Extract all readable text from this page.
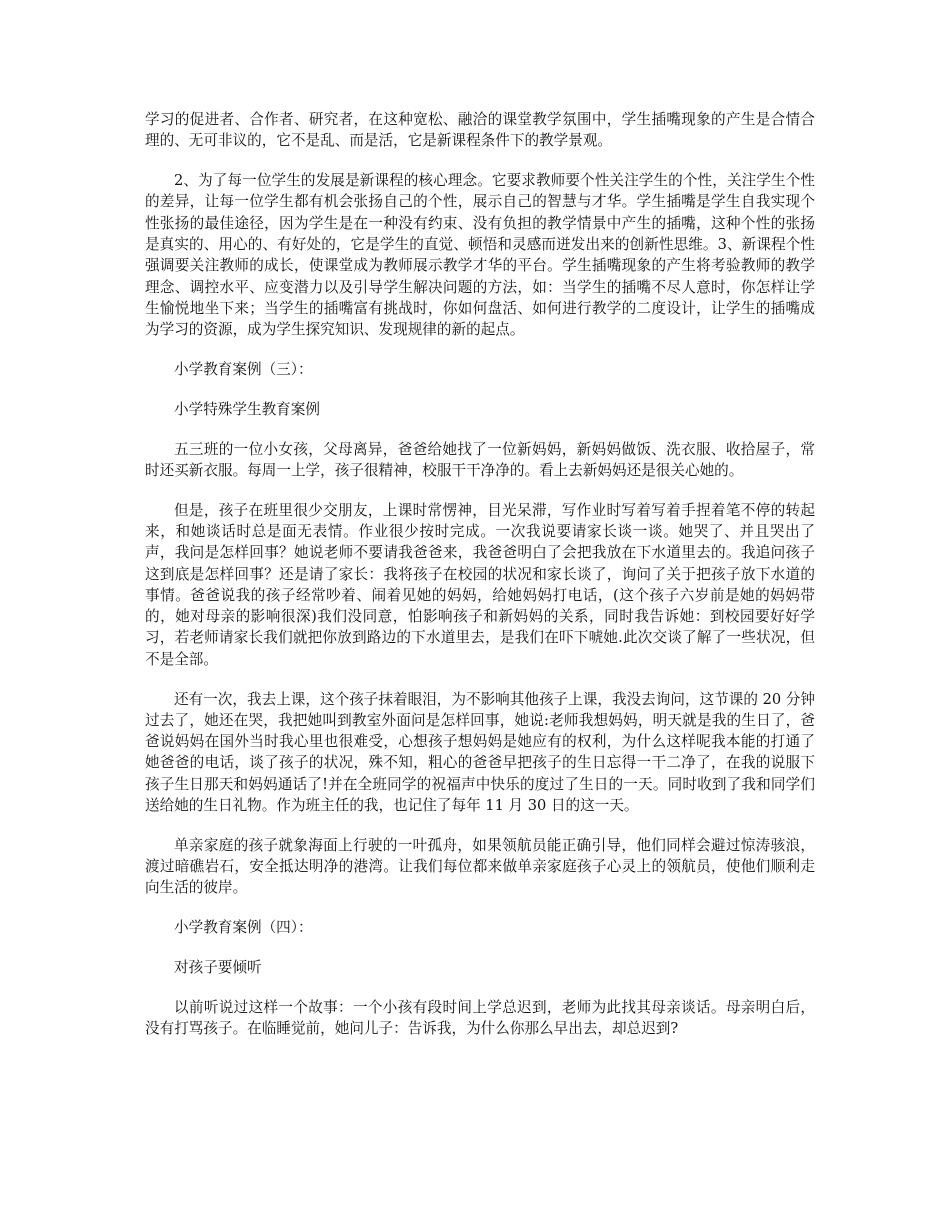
学习的促进者、合作者、研究者，在这种宽松、融洽的课堂教学氛围中，学生插嘴现象的产生是合情合理的、无可非议的，它不是乱、而是活，它是新课程条件下的教学景观。

2、为了每一位学生的发展是新课程的核心理念。它要求教师要个性关注学生的个性，关注学生个性的差异，让每一位学生都有机会张扬自己的个性，展示自己的智慧与才华。学生插嘴是学生自我实现个性张扬的最佳途径，因为学生是在一种没有约束、没有负担的教学情景中产生的插嘴，这种个性的张扬是真实的、用心的、有好处的，它是学生的直觉、顿悟和灵感而迸发出来的创新性思维。3、新课程个性强调要关注教师的成长，使课堂成为教师展示教学才华的平台。学生插嘴现象的产生将考验教师的教学理念、调控水平、应变潜力以及引导学生解决问题的方法，如：当学生的插嘴不尽人意时，你怎样让学生愉悦地坐下来；当学生的插嘴富有挑战时，你如何盘活、如何进行教学的二度设计，让学生的插嘴成为学习的资源，成为学生探究知识、发现规律的新的起点。

小学教育案例（三）：

小学特殊学生教育案例

五三班的一位小女孩，父母离异，爸爸给她找了一位新妈妈，新妈妈做饭、洗衣服、收拾屋子，常时还买新衣服。每周一上学，孩子很精神，校服干干净净的。看上去新妈妈还是很关心她的。

但是，孩子在班里很少交朋友，上课时常愣神，目光呆滞，写作业时写着写着手捏着笔不停的转起来，和她谈话时总是面无表情。作业很少按时完成。一次我说要请家长谈一谈。她哭了、并且哭出了声，我问是怎样回事？她说老师不要请我爸爸来，我爸爸明白了会把我放在下水道里去的。我追问孩子这到底是怎样回事？还是请了家长：我将孩子在校园的状况和家长谈了，询问了关于把孩子放下水道的事情。爸爸说我的孩子经常吵着、闹着见她的妈妈，给她妈妈打电话，(这个孩子六岁前是她的妈妈带的，她对母亲的影响很深)我们没同意，怕影响孩子和新妈妈的关系，同时我告诉她：到校园要好好学习，若老师请家长我们就把你放到路边的下水道里去，是我们在吓下唬她.此次交谈了解了一些状况，但不是全部。

还有一次，我去上课，这个孩子抹着眼泪，为不影响其他孩子上课，我没去询问，这节课的 20 分钟过去了，她还在哭，我把她叫到教室外面问是怎样回事，她说:老师我想妈妈，明天就是我的生日了，爸爸说妈妈在国外当时我心里也很难受，心想孩子想妈妈是她应有的权利，为什么这样呢我本能的打通了她爸爸的电话，谈了孩子的状况，殊不知，粗心的爸爸早把孩子的生日忘得一干二净了，在我的说服下孩子生日那天和妈妈通话了!并在全班同学的祝福声中快乐的度过了生日的一天。同时收到了我和同学们送给她的生日礼物。作为班主任的我，也记住了每年 11 月 30 日的这一天。

单亲家庭的孩子就象海面上行驶的一叶孤舟，如果领航员能正确引导，他们同样会避过惊涛骇浪，渡过暗礁岩石，安全抵达明净的港湾。让我们每位都来做单亲家庭孩子心灵上的领航员，使他们顺利走向生活的彼岸。

小学教育案例（四）：

对孩子要倾听

以前听说过这样一个故事：一个小孩有段时间上学总迟到，老师为此找其母亲谈话。母亲明白后，没有打骂孩子。在临睡觉前，她问儿子：告诉我，为什么你那么早出去，却总迟到?
